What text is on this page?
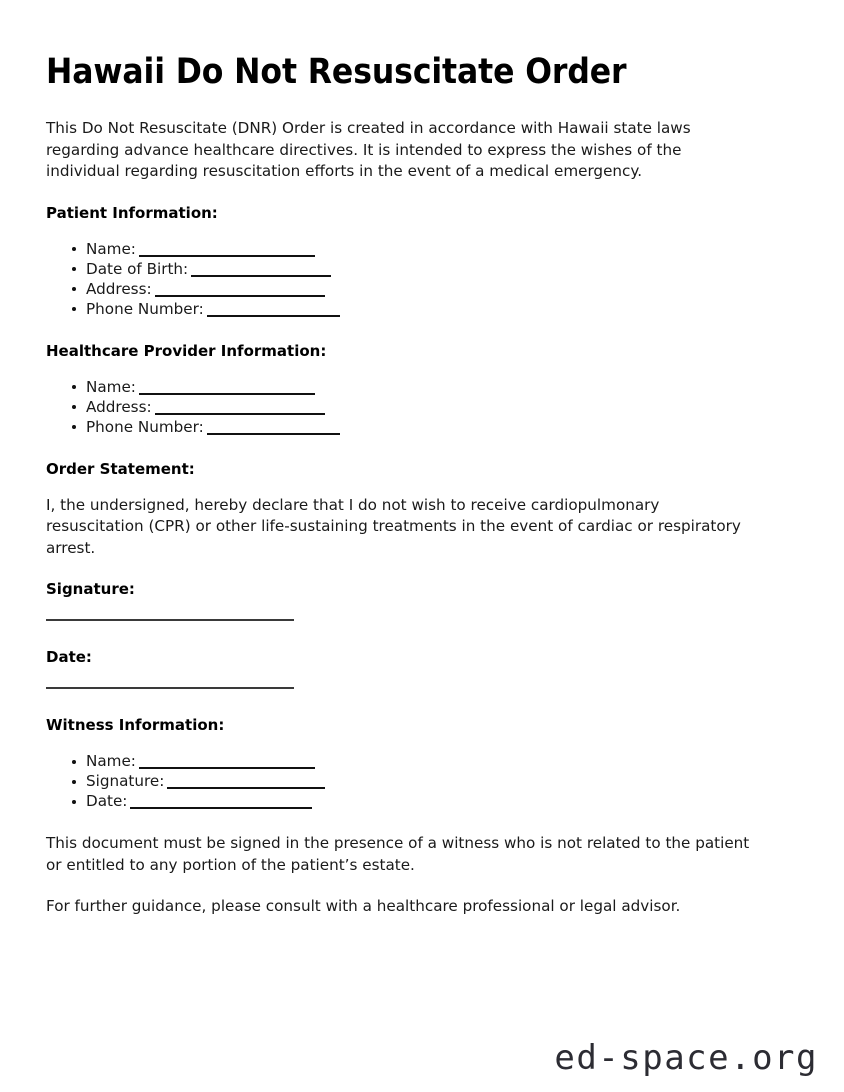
Hawaii Do Not Resuscitate Order

This Do Not Resuscitate (DNR) Order is created in accordance with Hawaii state laws regarding advance healthcare directives. It is intended to express the wishes of the individual regarding resuscitation efforts in the event of a medical emergency.

Patient Information:
Name:
Date of Birth:
Address:
Phone Number:
Healthcare Provider Information:
Name:
Address:
Phone Number:
Order Statement:

I, the undersigned, hereby declare that I do not wish to receive cardiopulmonary resuscitation (CPR) or other life-sustaining treatments in the event of cardiac or respiratory arrest.

Signature:
Date:
Witness Information:
Name:
Signature:
Date:

This document must be signed in the presence of a witness who is not related to the patient or entitled to any portion of the patient’s estate.

For further guidance, please consult with a healthcare professional or legal advisor.

ed-space.org
